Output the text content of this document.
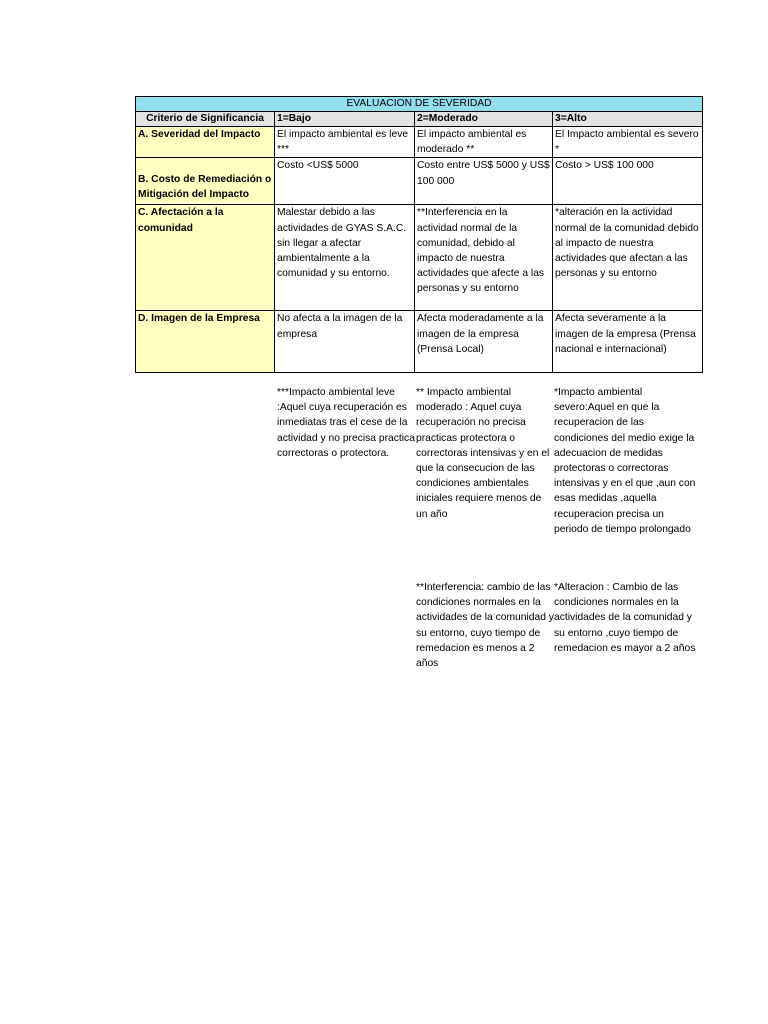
EVALUACION DE SEVERIDAD			
Criterio de Significancia	1=Bajo	2=Moderado	3=Alto
A. Severidad del Impacto	El impacto ambiental es leve ***	El impacto ambiental es moderado **	El Impacto ambiental es severo *
B. Costo de Remediación o Mitigación del Impacto	Costo <US$ 5000	Costo entre US$ 5000 y US$ 100 000	Costo > US$ 100 000
C. Afectación a la comunidad	Malestar debido a las actividades de GYAS S.A.C. sin llegar a afectar ambientalmente a la comunidad y su entorno.	**Interferencia en la actividad normal de la comunidad, debido al impacto de nuestra actividades que afecte a las personas y su entorno	*alteración en la actividad normal de la comunidad debido al impacto de nuestra actividades que afectan a las personas y su entorno
D. Imagen de la Empresa	No afecta a la imagen de la empresa	Afecta moderadamente a la imagen de la empresa (Prensa Local)	Afecta severamente a la imagen de la empresa (Prensa nacional e internacional)
***Impacto ambiental leve :Aquel cuya recuperación es inmediatas tras el cese de la actividad y no precisa practica correctoras o protectora.
** Impacto ambiental moderado : Aquel cuya recuperación no precisa practicas protectora o correctoras intensivas y en el que la consecucion de las condiciones ambientales iniciales requiere menos de un año
*Impacto ambiental severo:Aquel en que la recuperacion de las condiciones del medio exige la adecuacion de medidas protectoras o correctoras intensivas y en el que ,aun con esas medidas ,aquella recuperacion precisa un periodo de tiempo prolongado
**Interferencia: cambio de las condiciones normales en la actividades de la comunidad y su entorno, cuyo tiempo de remedacion es menos a 2 años
*Alteracion : Cambio de las condiciones normales en la actividades de la comunidad y su entorno ,cuyo tiempo de remedacion es mayor a 2 años
